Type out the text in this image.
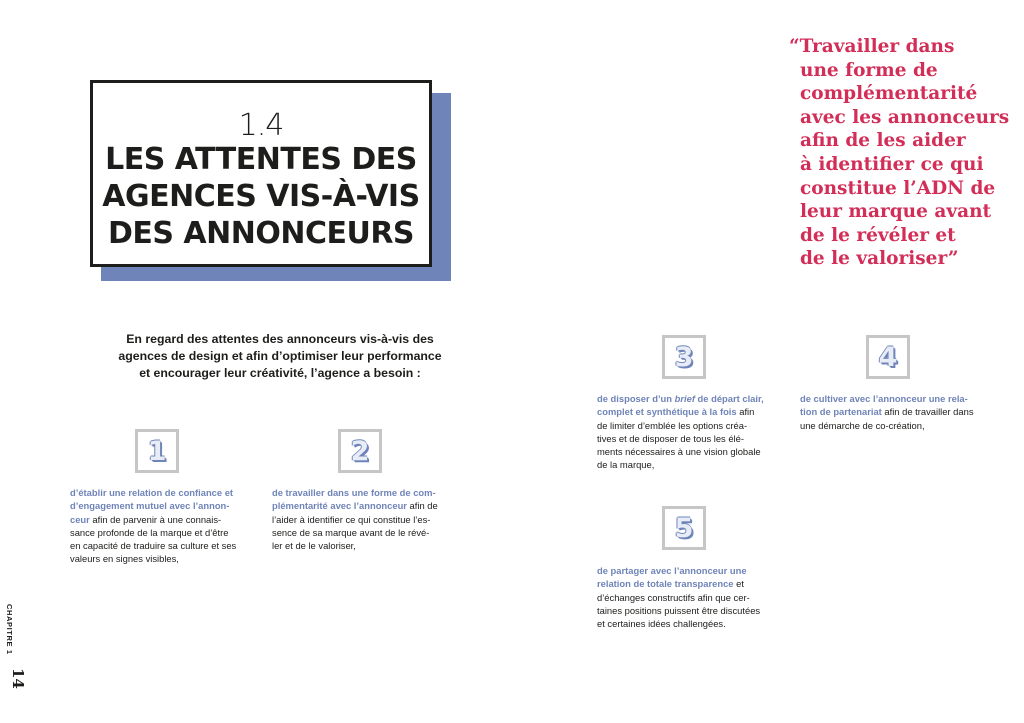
1.4
LES ATTENTES DES
AGENCES VIS-À-VIS
DES ANNONCEURS
“Travailler dans
une forme de
complémentarité
avec les annonceurs
afin de les aider
à identifier ce qui
constitue l’ADN de
leur marque avant
de le révéler et
de le valoriser”
En regard des attentes des annonceurs vis-à-vis des
agences de design et afin d’optimiser leur performance
et encourager leur créativité, l’agence a besoin :
1	2
3	4
5
d’établir une relation de confiance et
d’engagement mutuel avec l’annon-
ceur afin de parvenir à une connais-
sance profonde de la marque et d’être
en capacité de traduire sa culture et ses
valeurs en signes visibles,
de travailler dans une forme de com-
plémentarité avec l’annonceur afin de
l’aider à identifier ce qui constitue l’es-
sence de sa marque avant de le révé-
ler et de le valoriser,
de disposer d’un brief de départ clair,
complet et synthétique à la fois afin
de limiter d’emblée les options créa-
tives et de disposer de tous les élé-
ments nécessaires à une vision globale
de la marque,
de cultiver avec l’annonceur une rela-
tion de partenariat afin de travailler dans
une démarche de co-création,
de partager avec l’annonceur une
relation de totale transparence et
d’échanges constructifs afin que cer-
taines positions puissent être discutées
et certaines idées challengées.
CHAPITRE 1
14
